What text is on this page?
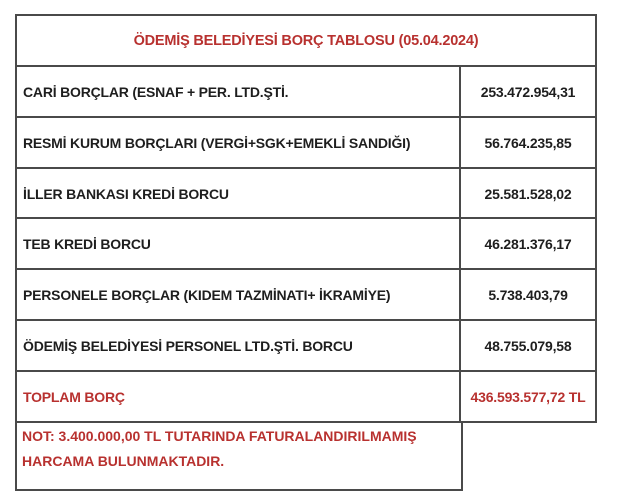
ÖDEMİŞ BELEDİYESİ BORÇ TABLOSU (05.04.2024)
CARİ BORÇLAR (ESNAF + PER. LTD.ŞTİ.	253.472.954,31
RESMİ KURUM BORÇLARI (VERGİ+SGK+EMEKLİ SANDIĞI)	56.764.235,85
İLLER BANKASI KREDİ BORCU	25.581.528,02
TEB KREDİ BORCU	46.281.376,17
PERSONELE BORÇLAR (KIDEM TAZMİNATI+ İKRAMİYE)	5.738.403,79
ÖDEMİŞ BELEDİYESİ PERSONEL LTD.ŞTİ. BORCU	48.755.079,58
TOPLAM BORÇ	436.593.577,72 TL
NOT: 3.400.000,00 TL TUTARINDA FATURALANDIRILMAMIŞ
HARCAMA BULUNMAKTADIR.
